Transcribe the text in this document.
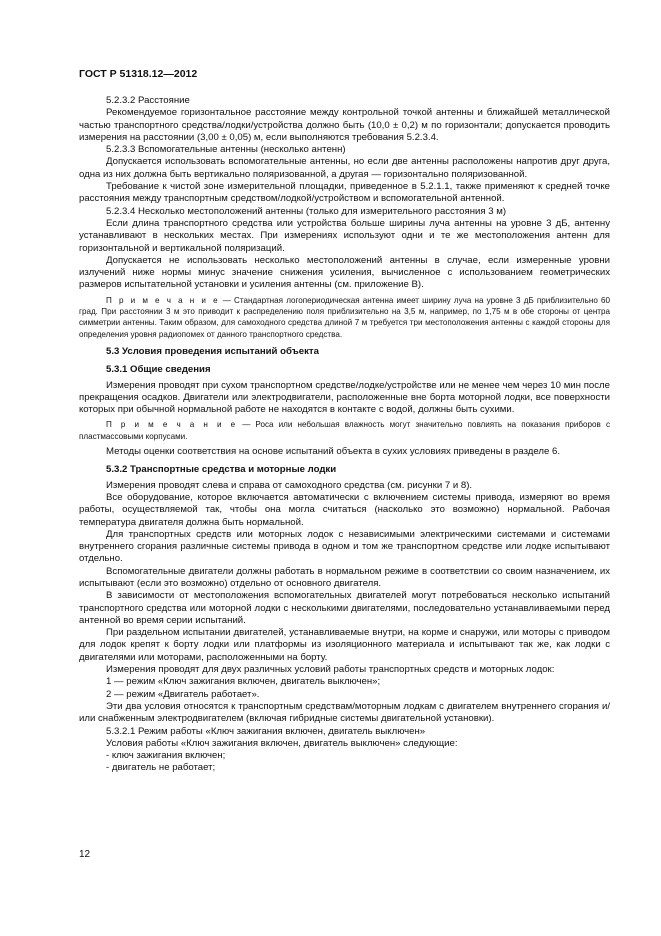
ГОСТ Р 51318.12—2012

5.2.3.2 Расстояние

Рекомендуемое горизонтальное расстояние между контрольной точкой антенны и ближайшей металлической частью транспортного средства/лодки/устройства должно быть (10,0 ± 0,2) м по горизонтали; допускается проводить измерения на расстоянии (3,00 ± 0,05) м, если выполняются требования 5.2.3.4.

5.2.3.3 Вспомогательные антенны (несколько антенн)

Допускается использовать вспомогательные антенны, но если две антенны расположены напротив друг друга, одна из них должна быть вертикально поляризованной, а другая — горизонтально поляризованной.

Требование к чистой зоне измерительной площадки, приведенное в 5.2.1.1, также применяют к средней точке расстояния между транспортным средством/лодкой/устройством и вспомогательной антенной.

5.2.3.4 Несколько местоположений антенны (только для измерительного расстояния 3 м)

Если длина транспортного средства или устройства больше ширины луча антенны на уровне 3 дБ, антенну устанавливают в нескольких местах. При измерениях используют одни и те же местоположения антенн для горизонтальной и вертикальной поляризаций.

Допускается не использовать несколько местоположений антенны в случае, если измеренные уровни излучений ниже нормы минус значение снижения усиления, вычисленное с использованием геометрических размеров испытательной установки и усиления антенны (см. приложение В).

П р и м е ч а н и е — Стандартная логопериодическая антенна имеет ширину луча на уровне 3 дБ приблизительно 60 град. При расстоянии 3 м это приводит к распределению поля приблизительно на 3,5 м, например, по 1,75 м в обе стороны от центра симметрии антенны. Таким образом, для самоходного средства длиной 7 м требуется три местоположения антенны с каждой стороны для определения уровня радиопомех от данного транспортного средства.

5.3 Условия проведения испытаний объекта

5.3.1 Общие сведения

Измерения проводят при сухом транспортном средстве/лодке/устройстве или не менее чем через 10 мин после прекращения осадков. Двигатели или электродвигатели, расположенные вне борта моторной лодки, все поверхности которых при обычной нормальной работе не находятся в контакте с водой, должны быть сухими.

П р и м е ч а н и е — Роса или небольшая влажность могут значительно повлиять на показания приборов с пластмассовыми корпусами.

Методы оценки соответствия на основе испытаний объекта в сухих условиях приведены в разделе 6.

5.3.2 Транспортные средства и моторные лодки

Измерения проводят слева и справа от самоходного средства (см. рисунки 7 и 8).

Все оборудование, которое включается автоматически с включением системы привода, измеряют во время работы, осуществляемой так, чтобы она могла считаться (насколько это возможно) нормальной. Рабочая температура двигателя должна быть нормальной.

Для транспортных средств или моторных лодок с независимыми электрическими системами и системами внутреннего сгорания различные системы привода в одном и том же транспортном средстве или лодке испытывают отдельно.

Вспомогательные двигатели должны работать в нормальном режиме в соответствии со своим назначением, их испытывают (если это возможно) отдельно от основного двигателя.

В зависимости от местоположения вспомогательных двигателей могут потребоваться несколько испытаний транспортного средства или моторной лодки с несколькими двигателями, последовательно устанавливаемыми перед антенной во время серии испытаний.

При раздельном испытании двигателей, устанавливаемые внутри, на корме и снаружи, или моторы с приводом для лодок крепят к борту лодки или платформы из изоляционного материала и испытывают так же, как лодки с двигателями или моторами, расположенными на борту.

Измерения проводят для двух различных условий работы транспортных средств и моторных лодок:

1 — режим «Ключ зажигания включен, двигатель выключен»;

2 — режим «Двигатель работает».

Эти два условия относятся к транспортным средствам/моторным лодкам с двигателем внутреннего сгорания и/или снабженным электродвигателем (включая гибридные системы двигательной установки).

5.3.2.1 Режим работы «Ключ зажигания включен, двигатель выключен»

Условия работы «Ключ зажигания включен, двигатель выключен» следующие:

- ключ зажигания включен;

- двигатель не работает;

12
